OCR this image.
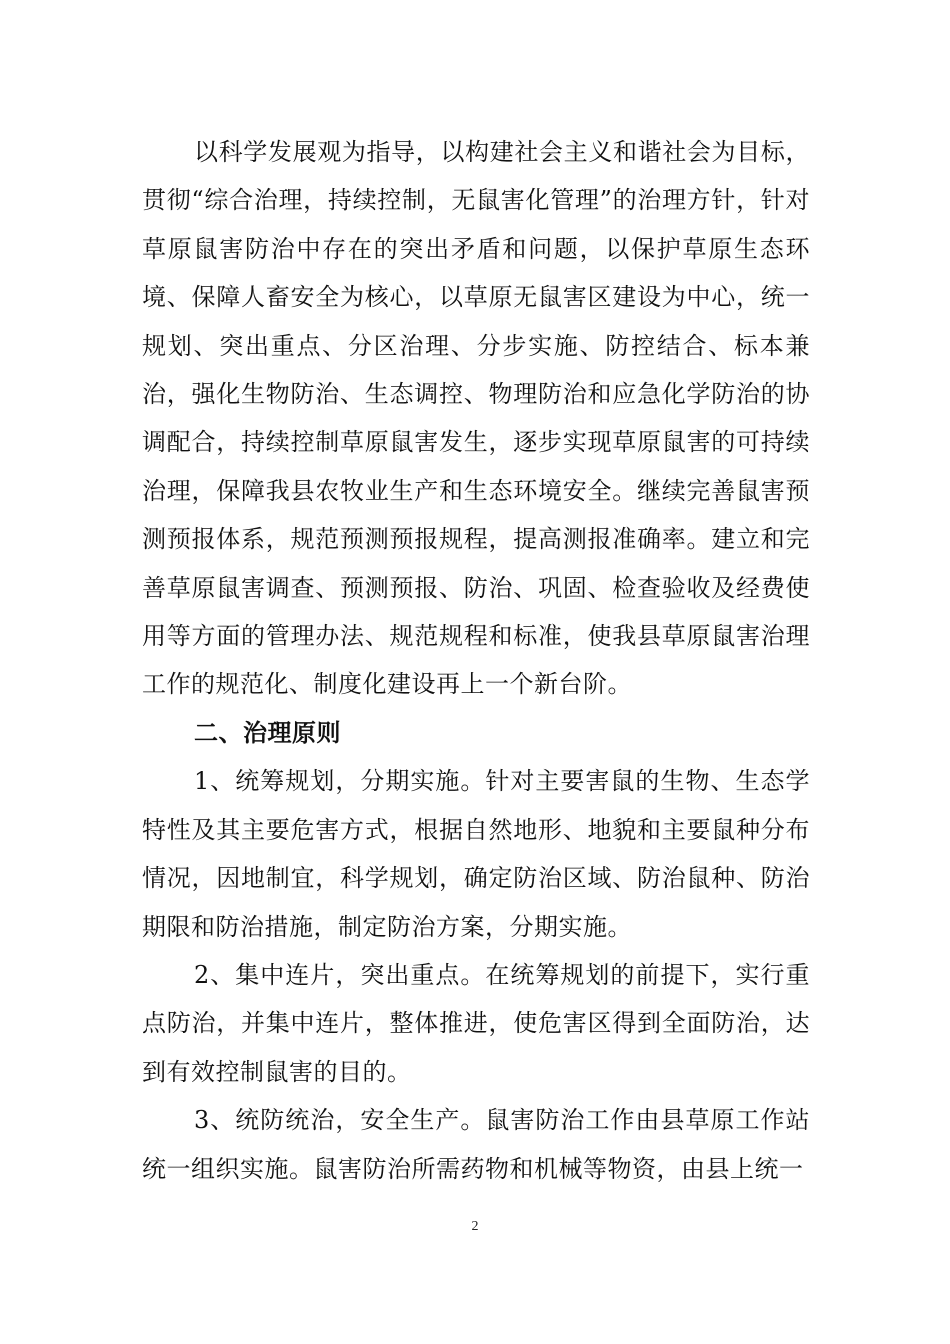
以科学发展观为指导，以构建社会主义和谐社会为目标，贯彻“综合治理，持续控制，无鼠害化管理”的治理方针，针对草原鼠害防治中存在的突出矛盾和问题，以保护草原生态环境、保障人畜安全为核心，以草原无鼠害区建设为中心，统一规划、突出重点、分区治理、分步实施、防控结合、标本兼治，强化生物防治、生态调控、物理防治和应急化学防治的协调配合，持续控制草原鼠害发生，逐步实现草原鼠害的可持续治理，保障我县农牧业生产和生态环境安全。继续完善鼠害预测预报体系，规范预测预报规程，提高测报准确率。建立和完善草原鼠害调查、预测预报、防治、巩固、检查验收及经费使用等方面的管理办法、规范规程和标准，使我县草原鼠害治理工作的规范化、制度化建设再上一个新台阶。

二、治理原则

1、统筹规划，分期实施。针对主要害鼠的生物、生态学特性及其主要危害方式，根据自然地形、地貌和主要鼠种分布情况，因地制宜，科学规划，确定防治区域、防治鼠种、防治期限和防治措施，制定防治方案，分期实施。

2、集中连片，突出重点。在统筹规划的前提下，实行重点防治，并集中连片，整体推进，使危害区得到全面防治，达到有效控制鼠害的目的。

3、统防统治，安全生产。鼠害防治工作由县草原工作站统一组织实施。鼠害防治所需药物和机械等物资，由县上统一

2
